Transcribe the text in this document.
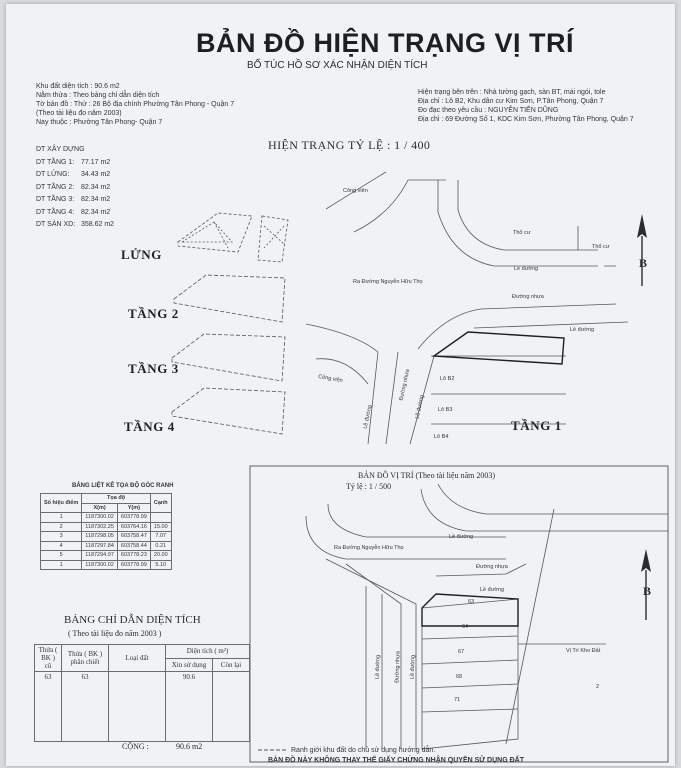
BẢN ĐỒ HIỆN TRẠNG VỊ TRÍ
BỔ TÚC HỒ SƠ XÁC NHẬN DIỆN TÍCH
Khu đất diện tích : 90.6 m2
Nằm thửa : Theo bảng chỉ dẫn diện tích
Tờ bản đồ : Thử : 26 Bộ địa chính Phường Tân Phong - Quận 7
(Theo tài liệu đo năm 2003)
Nay thuộc : Phường Tân Phong- Quận 7
Hiện trạng bên trên : Nhà tường gạch, sàn BT, mái ngói, tole
Địa chỉ : Lô B2, Khu dân cư Kim Sơn, P.Tân Phong, Quận 7
Đo đạc theo yêu cầu : NGUYỄN TIẾN DŨNG
Địa chỉ : 69 Đường Số 1, KDC Kim Sơn, Phường Tân Phong, Quận 7
HIỆN TRẠNG TỶ LỆ : 1 / 400
DT XÂY DỰNG
DT TẦNG 1: 77.17 m2
DT LỬNG: 34.43 m2
DT TẦNG 2: 82.34 m2
DT TẦNG 3: 82.34 m2
DT TẦNG 4: 82.34 m2
DT SÀN XD: 358.62 m2
LỬNG
TẦNG 2
TẦNG 3
TẦNG 4	TẦNG 1
B
B
Công viên
Công viên
Thổ cư
Thổ cư
Lề đường
Đường nhựa
Ra Đường Nguyễn Hữu Thọ
Lề đường
Lô B2
Lô B3
Lô B4
Đường nhựa
Lề đường
Lề đường
BẢNG LIỆT KÊ TỌA ĐỘ GÓC RANH
Số hiệu điểm	Tọa độ		Cạnh
	X(m)	Y(m)	
1	1187300.02	603778.99	
2	1187302.25	603764.16	15.00
3	1187298.05	603758.47	7.07
4	1187297.84	603758.44	0.21
5	1187294.97	603778.23	20.00
1	1187300.02	603778.99	5.10
BẢNG CHỈ DẪN DIỆN TÍCH
( Theo tài liệu đo năm 2003 )
Thửa ( BK ) cũ	Thửa ( BK ) phân chiết	Loại đất	Diện tích ( m²)	
			Xin sử dụng	Còn lại
63	63		90.6	
CỘNG :	90.6 m2
BẢN ĐỒ VỊ TRÍ (Theo tài liệu năm 2003)
Tỷ lệ : 1 / 500
Ra Đường Nguyễn Hữu Thọ
Lề đường
Đường nhựa
Lề đường
Vị Trí Kho Đất
2
63
64
67
68
71
Lề đường Đường nhựa Lề đường
Ranh giới khu đất do chủ sử dụng hướng dẫn.
BẢN ĐỒ NÀY KHÔNG THAY THẾ GIẤY CHỨNG NHẬN QUYỀN SỬ DỤNG ĐẤT
